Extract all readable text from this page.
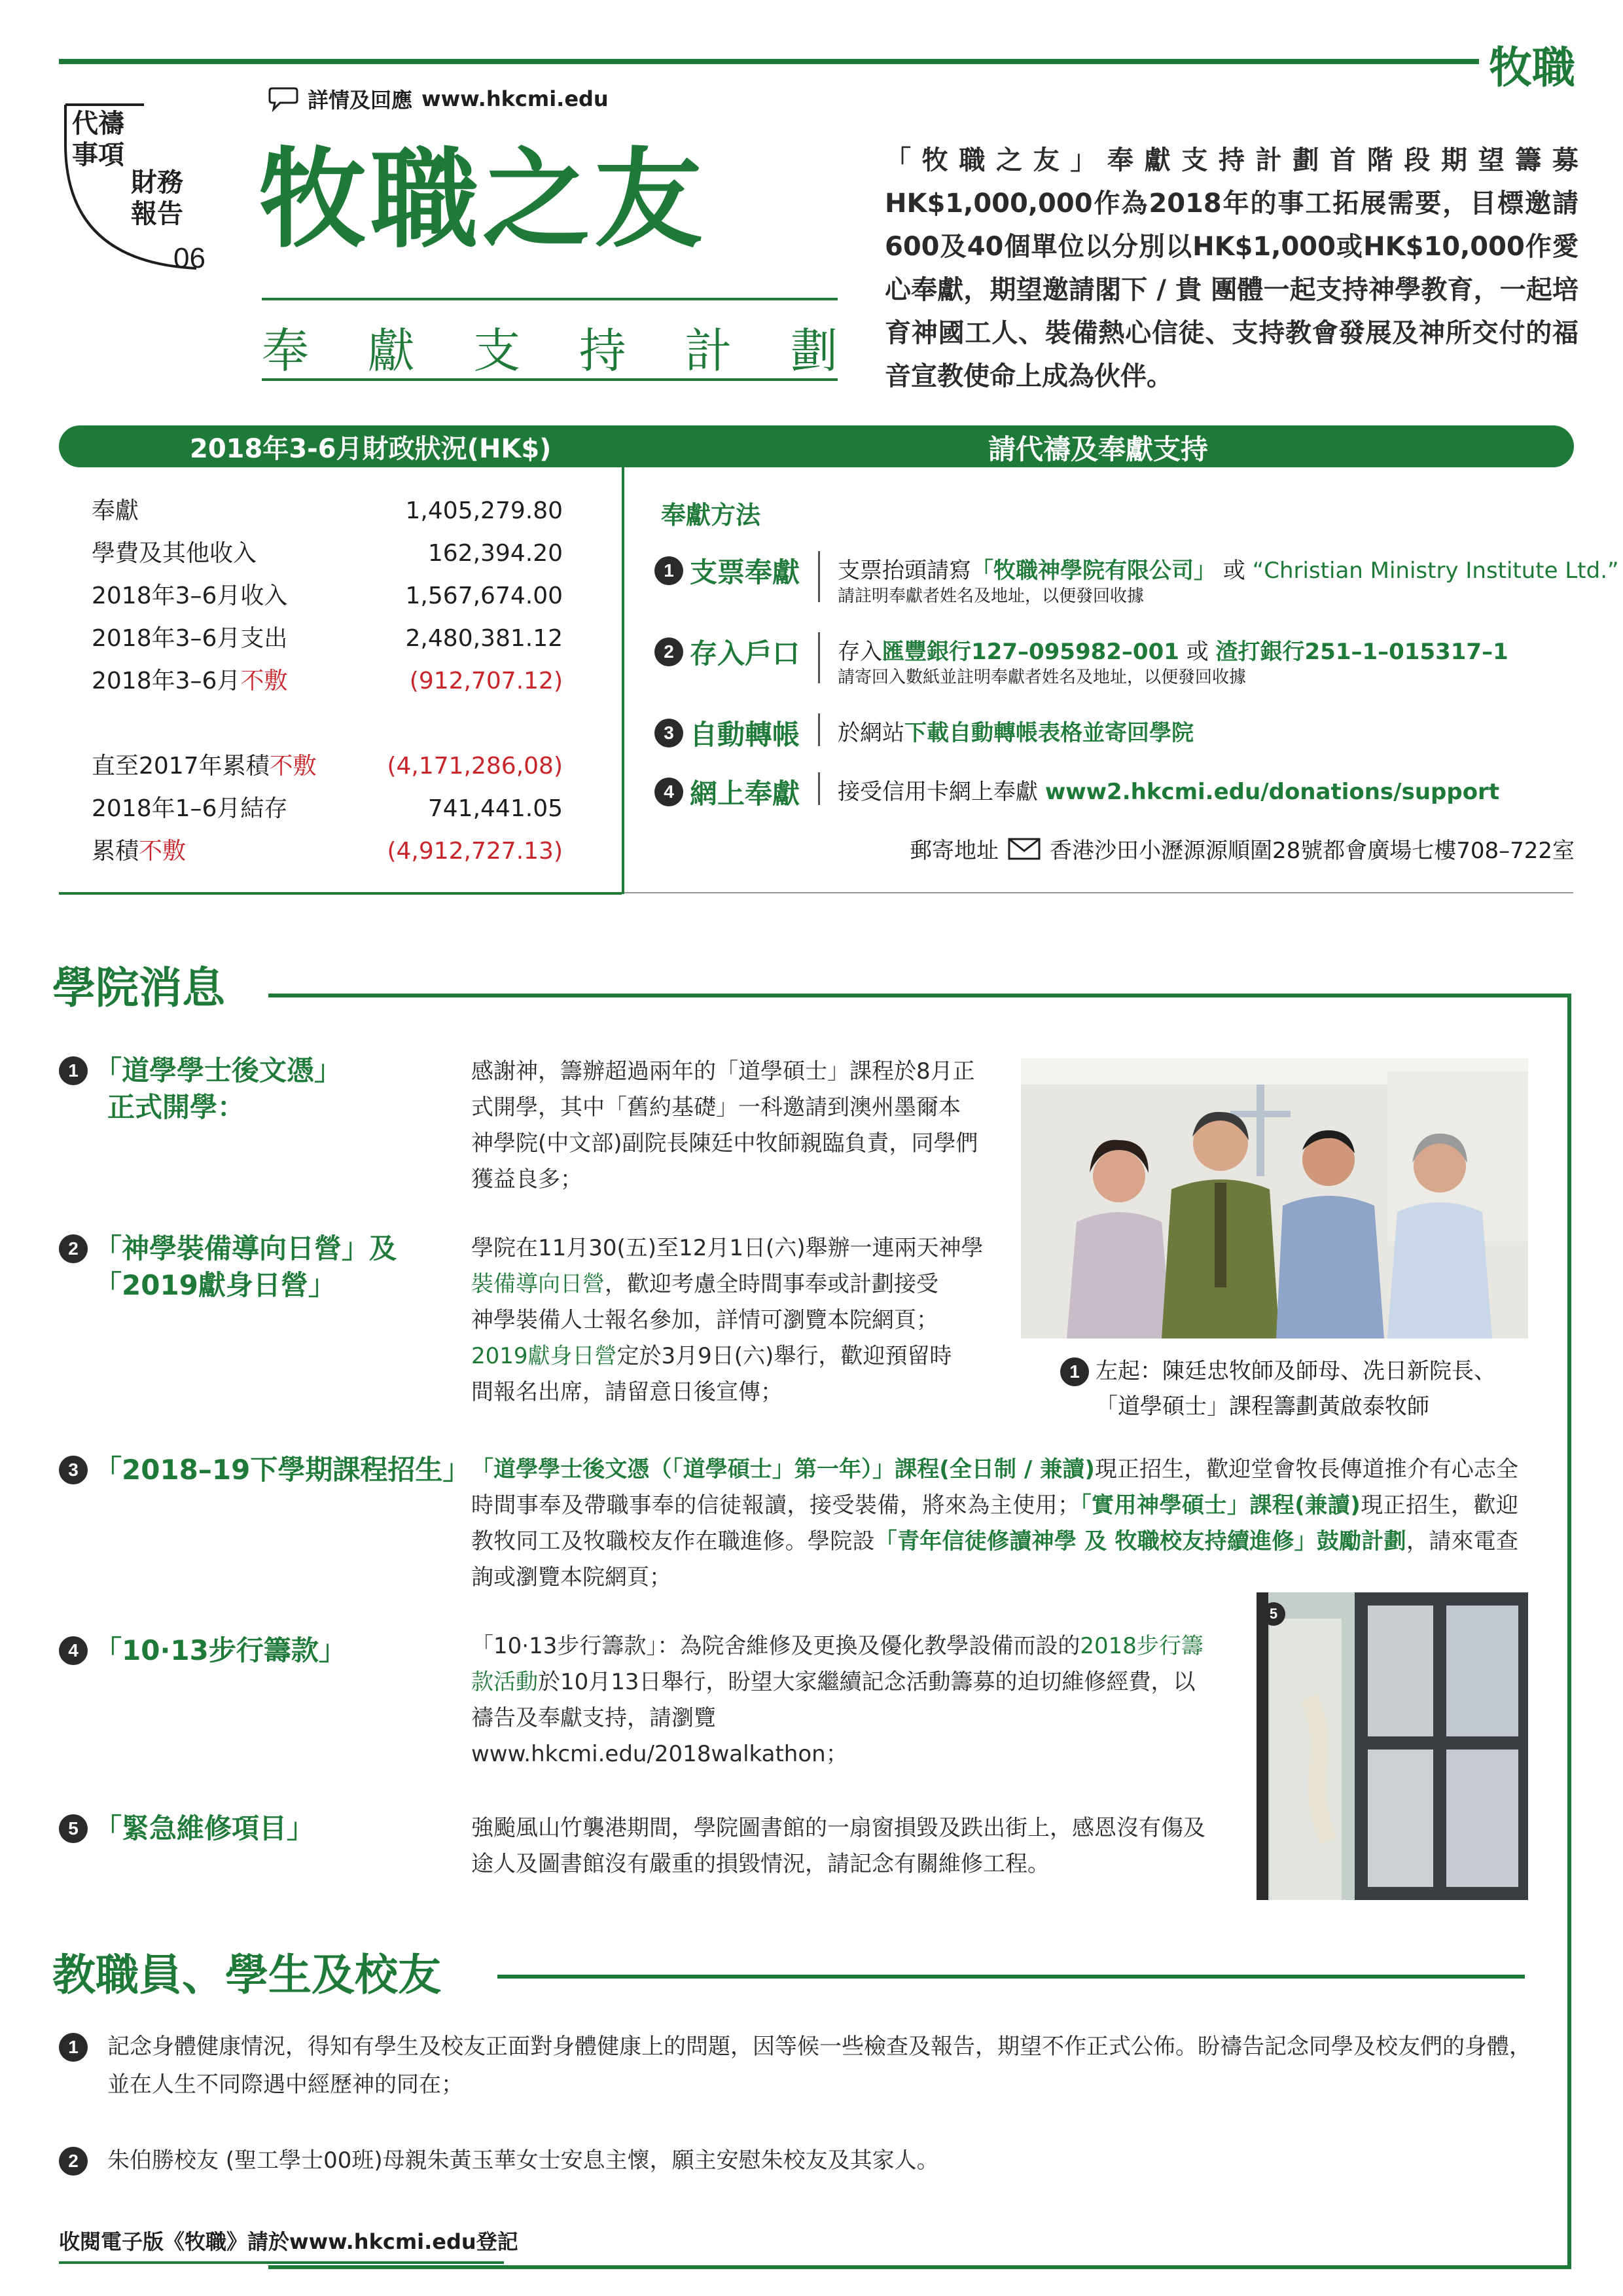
牧職
代禱
事項
財務
報告
06
詳情及回應 www.hkcmi.edu
牧職之友
奉 獻 支 持 計 劃
「牧職之友」奉獻支持計劃首階段期望籌募HK$1,000,000作為2018年的事工拓展需要，目標邀請600及40個單位以分別以HK$1,000或HK$10,000作愛心奉獻，期望邀請閣下 / 貴 團體一起支持神學教育，一起培育神國工人、裝備熱心信徒、支持教會發展及神所交付的福音宣教使命上成為伙伴。
2018年3-6月財政狀況(HK$)	請代禱及奉獻支持
奉獻	1,405,279.80
學費及其他收入	162,394.20
2018年3–6月收入	1,567,674.00
2018年3–6月支出	2,480,381.12
2018年3–6月不敷	(912,707.12)
直至2017年累積不敷	(4,171,286,08)
2018年1–6月結存	741,441.05
累積不敷	(4,912,727.13)
奉獻方法
1 支票奉獻 支票抬頭請寫「牧職神學院有限公司」 或 “Christian Ministry Institute Ltd.”
請註明奉獻者姓名及地址，以便發回收據
2 存入戶口 存入匯豐銀行127–095982–001 或 渣打銀行251–1–015317–1
請寄回入數紙並註明奉獻者姓名及地址，以便發回收據
3 自動轉帳 於網站下載自動轉帳表格並寄回學院
4 網上奉獻 接受信用卡網上奉獻 www2.hkcmi.edu/donations/support
郵寄地址 香港沙田小瀝源源順圍28號都會廣場七樓708–722室
學院消息
1 「道學學士後文憑」
正式開學：
感謝神，籌辦超過兩年的「道學碩士」課程於8月正式開學，其中「舊約基礎」一科邀請到澳州墨爾本神學院(中文部)副院長陳廷中牧師親臨負責，同學們獲益良多；
2 「神學裝備導向日營」及
「2019獻身日營」
學院在11月30(五)至12月1日(六)舉辦一連兩天神學
裝備導向日營，歡迎考慮全時間事奉或計劃接受
神學裝備人士報名參加，詳情可瀏覽本院網頁；
2019獻身日營定於3月9日(六)舉行，歡迎預留時
間報名出席，請留意日後宣傳；
1 左起：陳廷忠牧師及師母、冼日新院長、
「道學碩士」課程籌劃黃啟泰牧師
3 「2018–19下學期課程招生」 「道學學士後文憑（「道學碩士」第一年）」課程(全日制 / 兼讀)現正招生，歡迎堂會牧長傳道推介有心志全時間事奉及帶職事奉的信徒報讀，接受裝備，將來為主使用；「實用神學碩士」課程(兼讀)現正招生，歡迎教牧同工及牧職校友作在職進修。學院設「青年信徒修讀神學 及 牧職校友持續進修」鼓勵計劃，請來電查詢或瀏覽本院網頁；
4 「10·13步行籌款」	「10·13步行籌款」：為院舍維修及更換及優化教學設備而設的2018步行籌款活動於10月13日舉行，盼望大家繼續記念活動籌募的迫切維修經費，以禱告及奉獻支持，請瀏覽
www.hkcmi.edu/2018walkathon；
5
5 「緊急維修項目」	強颱風山竹襲港期間，學院圖書館的一扇窗損毀及跌出街上，感恩沒有傷及途人及圖書館沒有嚴重的損毀情況，請記念有關維修工程。
教職員、學生及校友
1	記念身體健康情況，得知有學生及校友正面對身體健康上的問題，因等候一些檢查及報告，期望不作正式公佈。盼禱告記念同學及校友們的身體，並在人生不同際遇中經歷神的同在；
2	朱伯勝校友 (聖工學士00班)母親朱黃玉華女士安息主懷，願主安慰朱校友及其家人。
收閱電子版《牧職》請於www.hkcmi.edu登記
